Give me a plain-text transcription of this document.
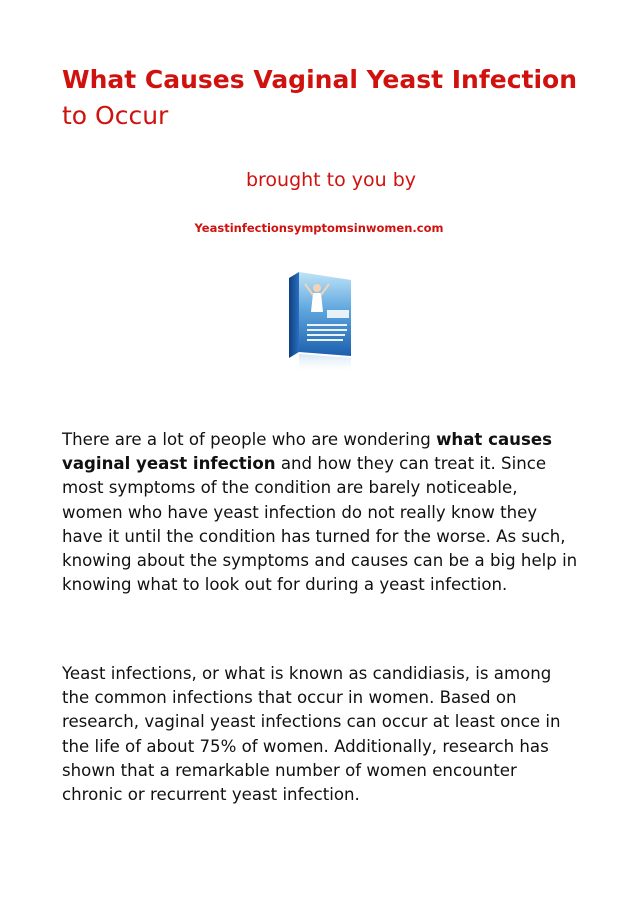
What Causes Vaginal Yeast Infection to Occur
brought to you by
Yeastinfectionsymptomsinwomen.com

There are a lot of people who are wondering what causes vaginal yeast infection and how they can treat it. Since most symptoms of the condition are barely noticeable, women who have yeast infection do not really know they have it until the condition has turned for the worse. As such, knowing about the symptoms and causes can be a big help in knowing what to look out for during a yeast infection.

Yeast infections, or what is known as candidiasis, is among the common infections that occur in women. Based on research, vaginal yeast infections can occur at least once in the life of about 75% of women. Additionally, research has shown that a remarkable number of women encounter chronic or recurrent yeast infection.
